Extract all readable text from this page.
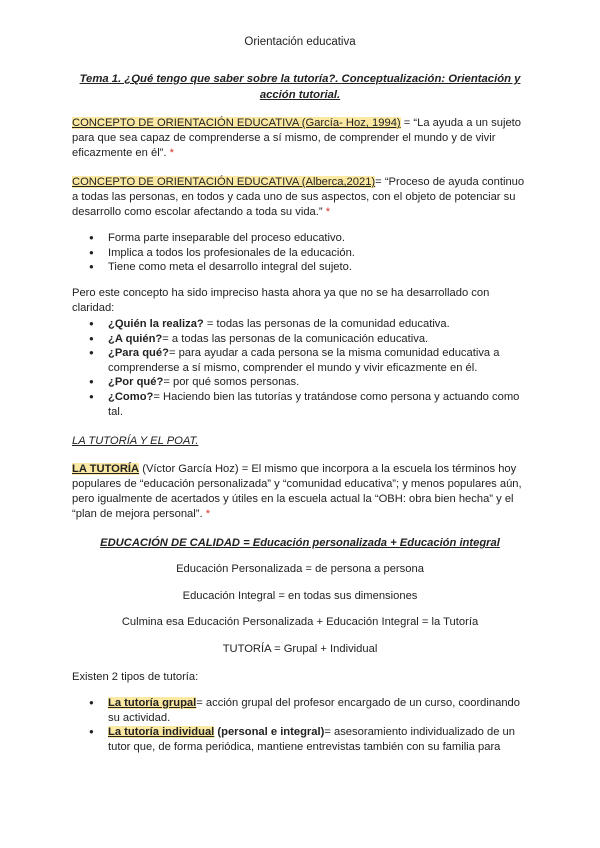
Orientación educativa
Tema 1. ¿Qué tengo que saber sobre la tutoría?. Conceptualización: Orientación y acción tutorial.
CONCEPTO DE ORIENTACIÓN EDUCATIVA (García- Hoz, 1994) = “La ayuda a un sujeto para que sea capaz de comprenderse a sí mismo, de comprender el mundo y de vivir eficazmente en él”. *
CONCEPTO DE ORIENTACIÓN EDUCATIVA (Alberca,2021)= “Proceso de ayuda continuo a todas las personas, en todos y cada uno de sus aspectos, con el objeto de potenciar su desarrollo como escolar afectando a toda su vida.” *
● Forma parte inseparable del proceso educativo.
● Implica a todos los profesionales de la educación.
● Tiene como meta el desarrollo integral del sujeto.
Pero este concepto ha sido impreciso hasta ahora ya que no se ha desarrollado con claridad:
● ¿Quién la realiza? = todas las personas de la comunidad educativa.
● ¿A quién?= a todas las personas de la comunicación educativa.
● ¿Para qué?= para ayudar a cada persona se la misma comunidad educativa a comprenderse a sí mismo, comprender el mundo y vivir eficazmente en él.
● ¿Por qué?= por qué somos personas.
● ¿Como?= Haciendo bien las tutorías y tratándose como persona y actuando como tal.
LA TUTORÍA Y EL POAT.
LA TUTORÍA (Víctor García Hoz) = El mismo que incorpora a la escuela los términos hoy populares de “educación personalizada” y “comunidad educativa”; y menos populares aún, pero igualmente de acertados y útiles en la escuela actual la “OBH: obra bien hecha” y el “plan de mejora personal”. *
EDUCACIÓN DE CALIDAD = Educación personalizada + Educación integral
Educación Personalizada = de persona a persona
Educación Integral = en todas sus dimensiones
Culmina esa Educación Personalizada + Educación Integral = la Tutoría
TUTORÍA = Grupal + Individual
Existen 2 tipos de tutoría:
● La tutoría grupal= acción grupal del profesor encargado de un curso, coordinando su actividad.
● La tutoría individual (personal e integral)= asesoramiento individualizado de un tutor que, de forma periódica, mantiene entrevistas también con su familia para
